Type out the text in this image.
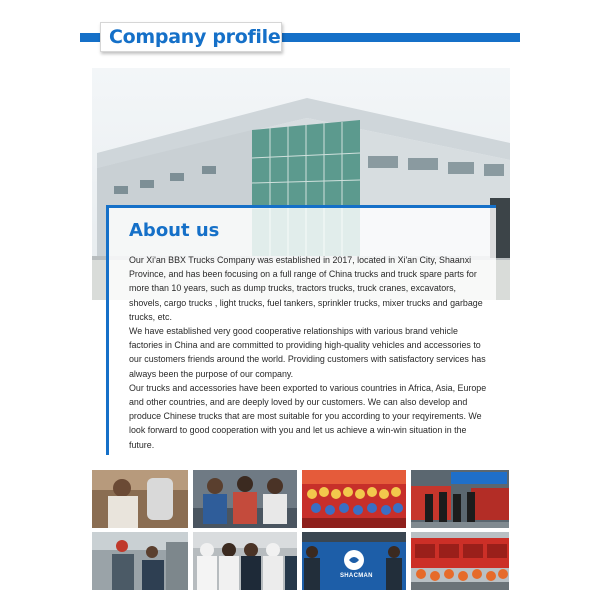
Company profile
About us

Our Xi'an BBX Trucks Company was established in 2017, located in Xi'an City, Shaanxi Province, and has been focusing on a full range of China trucks and truck spare parts for more than 10 years, such as dump trucks, tractors trucks, truck cranes, excavators, shovels, cargo trucks , light trucks, fuel tankers, sprinkler trucks, mixer trucks and garbage trucks, etc.

We have established very good cooperative relationships with various brand vehicle factories in China and are committed to providing high-quality vehicles and accessories to our customers friends around the world. Providing customers with satisfactory services has always been the purpose of our company.

Our trucks and accessories have been exported to various countries in Africa, Asia, Europe and other countries, and are deeply loved by our customers. We can also develop and produce Chinese trucks that are most suitable for you according to your reqyirements. We look forward to good cooperation with you and let us achieve a win-win situation in the future.

SHACMAN
